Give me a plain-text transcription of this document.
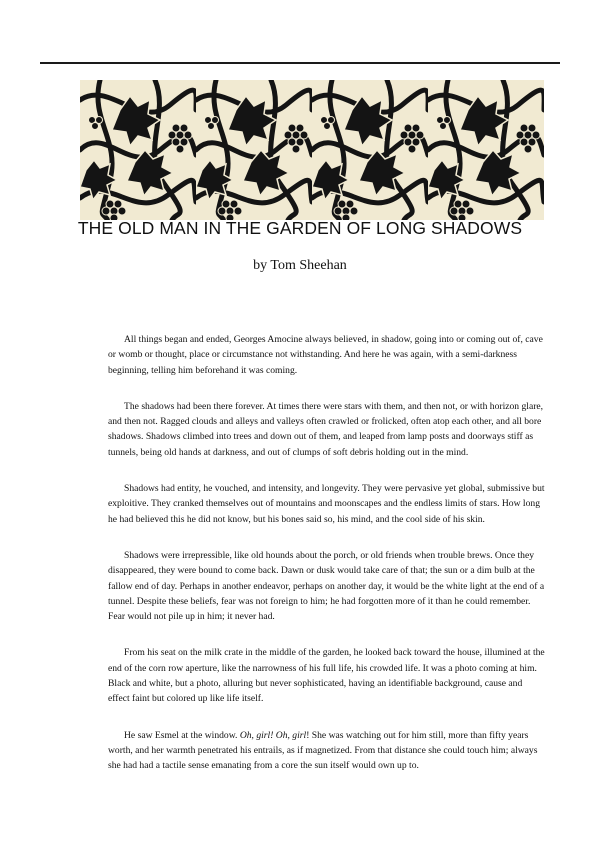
THE OLD MAN IN THE GARDEN OF LONG SHADOWS
by Tom Sheehan

All things began and ended, Georges Amocine always believed, in shadow, going into or coming out of, cave or womb or thought, place or circumstance not withstanding. And here he was again, with a semi-darkness beginning, telling him beforehand it was coming.

The shadows had been there forever. At times there were stars with them, and then not, or with horizon glare, and then not. Ragged clouds and alleys and valleys often crawled or frolicked, often atop each other, and all bore shadows. Shadows climbed into trees and down out of them, and leaped from lamp posts and doorways stiff as tunnels, being old hands at darkness, and out of clumps of soft debris holding out in the mind.

Shadows had entity, he vouched, and intensity, and longevity. They were pervasive yet global, submissive but exploitive. They cranked themselves out of mountains and moonscapes and the endless limits of stars. How long he had believed this he did not know, but his bones said so, his mind, and the cool side of his skin.

Shadows were irrepressible, like old hounds about the porch, or old friends when trouble brews. Once they disappeared, they were bound to come back. Dawn or dusk would take care of that; the sun or a dim bulb at the fallow end of day. Perhaps in another endeavor, perhaps on another day, it would be the white light at the end of a tunnel. Despite these beliefs, fear was not foreign to him; he had forgotten more of it than he could remember. Fear would not pile up in him; it never had.

From his seat on the milk crate in the middle of the garden, he looked back toward the house, illumined at the end of the corn row aperture, like the narrowness of his full life, his crowded life. It was a photo coming at him. Black and white, but a photo, alluring but never sophisticated, having an identifiable background, cause and effect faint but colored up like life itself.

He saw Esmel at the window. Oh, girl! Oh, girl! She was watching out for him still, more than fifty years worth, and her warmth penetrated his entrails, as if magnetized. From that distance she could touch him; always she had had a tactile sense emanating from a core the sun itself would own up to.
